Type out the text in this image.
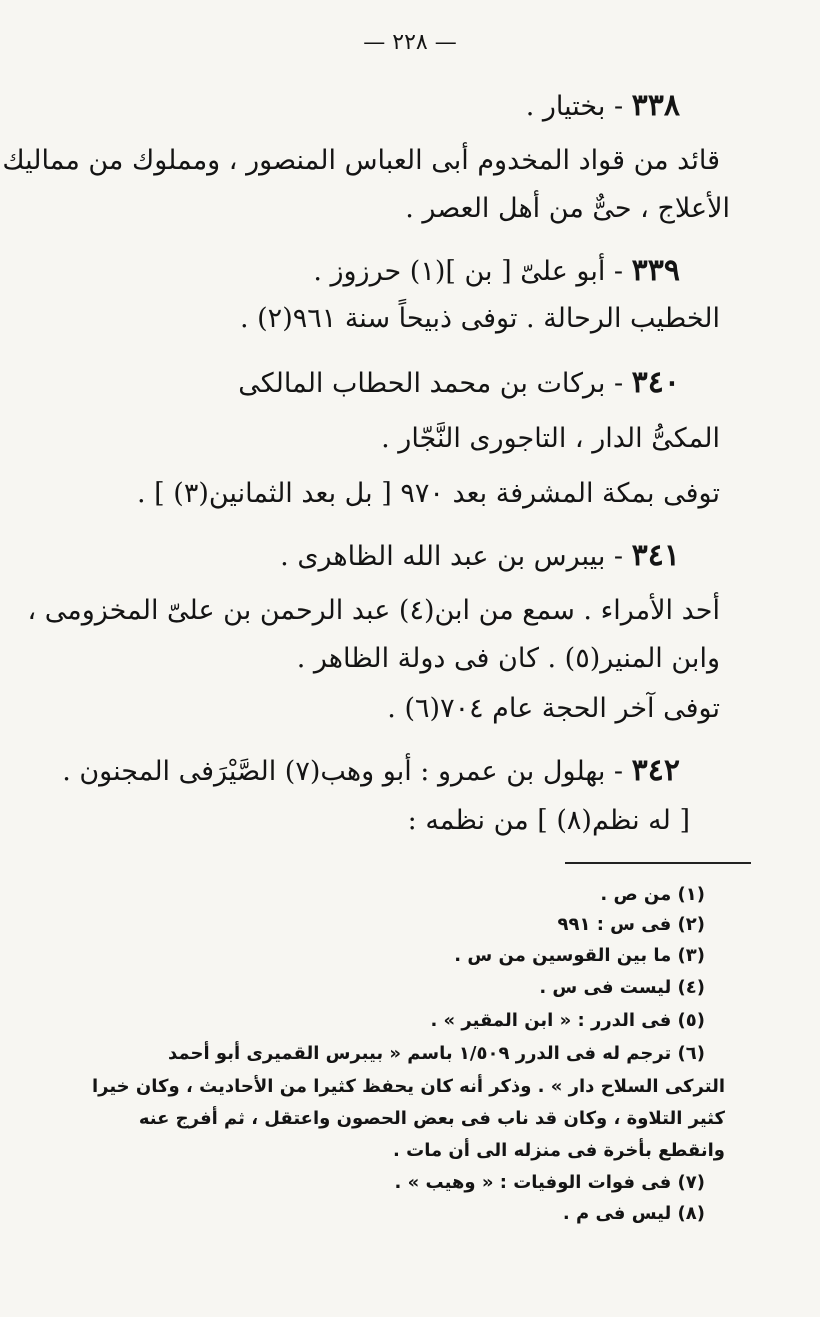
— ٢٢٨ —
٣٣٨ - بختيار .
قائد من قواد المخدوم أبى العباس المنصور ، ومملوك من مماليك
الأعلاج ، حىٌّ من أهل العصر .
٣٣٩ - أبو علىّ [ بن ](١) حرزوز .
الخطيب الرحالة . توفى ذبيحاً سنة ٩٦١(٢) .
٣٤٠ - بركات بن محمد الحطاب المالكى
المكىُّ الدار ، التاجورى النَّجّار .
توفى بمكة المشرفة بعد ٩٧٠ [ بل بعد الثمانين(٣) ] .
٣٤١ - بيبرس بن عبد الله الظاهرى .
أحد الأمراء . سمع من ابن(٤) عبد الرحمن بن علىّ المخزومى ،
وابن المنير(٥) . كان فى دولة الظاهر .
توفى آخر الحجة عام ٧٠٤(٦) .
٣٤٢ - بهلول بن عمرو : أبو وهب(٧) الصَّيْرَفى المجنون .
[ له نظم(٨) ] من نظمه :
(١) من ص .
(٢) فى س : ٩٩١
(٣) ما بين القوسين من س .
(٤) ليست فى س .
(٥) فى الدرر : « ابن المقير » .
(٦) ترجم له فى الدرر ١/٥٠٩ باسم « بيبرس القميرى أبو أحمد
التركى السلاح دار » . وذكر أنه كان يحفظ كثيرا من الأحاديث ، وكان خيرا
كثير التلاوة ، وكان قد ناب فى بعض الحصون واعتقل ، ثم أفرج عنه
وانقطع بأخرة فى منزله الى أن مات .
(٧) فى فوات الوفيات : « وهيب » .
(٨) ليس فى م .
